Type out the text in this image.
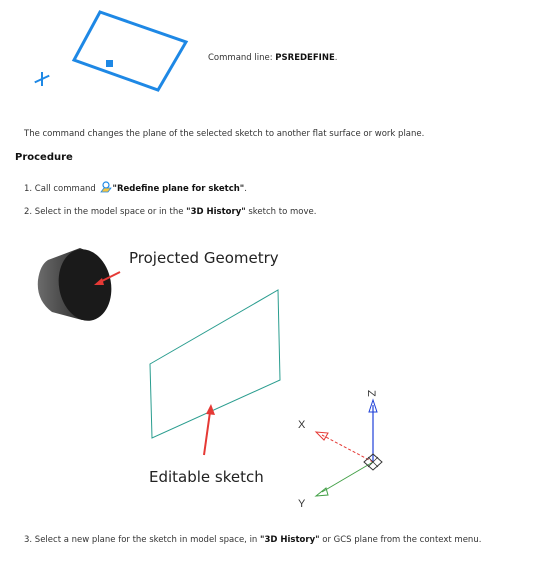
Command line: PSREDEFINE.
The command changes the plane of the selected sketch to another flat surface or work plane.
Procedure
1. Call command
"Redefine plane for sketch".
2. Select in the model space or in the "3D History" sketch to move.
Z
X
Y
Projected Geometry
Editable sketch
3. Select a new plane for the sketch in model space, in "3D History" or GCS plane from the context menu.
